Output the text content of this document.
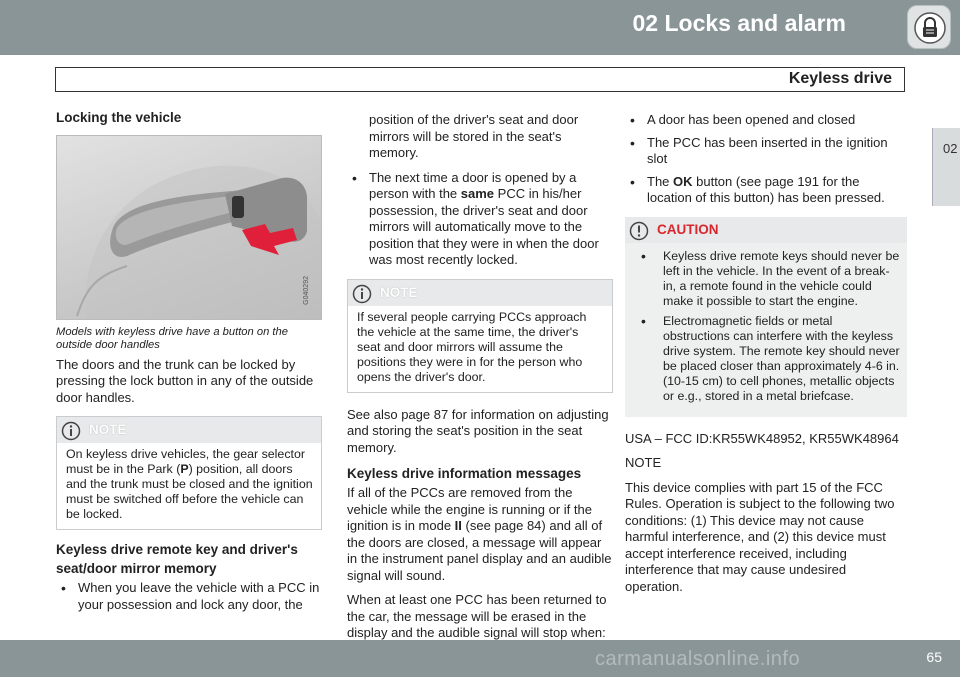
02 Locks and alarm
Keyless drive
02
Locking the vehicle
G040292
Models with keyless drive have a button on the outside door handles

The doors and the trunk can be locked by pressing the lock button in any of the outside door handles.

NOTE
On keyless drive vehicles, the gear selector must be in the Park (P) position, all doors and the trunk must be closed and the ignition must be switched off before the vehicle can be locked.
Keyless drive remote key and driver's seat/door mirror memory
• When you leave the vehicle with a PCC in your possession and lock any door, the

position of the driver's seat and door mirrors will be stored in the seat's memory.

• The next time a door is opened by a person with the same PCC in his/her possession, the driver's seat and door mirrors will automatically move to the position that they were in when the door was most recently locked.
NOTE
If several people carrying PCCs approach the vehicle at the same time, the driver's seat and door mirrors will assume the positions they were in for the person who opens the driver's door.

See also page 87 for information on adjusting and storing the seat's position in the seat memory.

Keyless drive information messages

If all of the PCCs are removed from the vehicle while the engine is running or if the ignition is in mode II (see page 84) and all of the doors are closed, a message will appear in the instrument panel display and an audible signal will sound.

When at least one PCC has been returned to the car, the message will be erased in the display and the audible signal will stop when:

• A door has been opened and closed
• The PCC has been inserted in the ignition slot
• The OK button (see page 191 for the location of this button) has been pressed.
CAUTION
• Keyless drive remote keys should never be left in the vehicle. In the event of a break-in, a remote found in the vehicle could make it possible to start the engine.
• Electromagnetic fields or metal obstructions can interfere with the keyless drive system. The remote key should never be placed closer than approximately 4-6 in. (10-15 cm) to cell phones, metallic objects or e.g., stored in a metal briefcase.

USA – FCC ID:KR55WK48952, KR55WK48964

NOTE

This device complies with part 15 of the FCC Rules. Operation is subject to the following two conditions: (1) This device may not cause harmful interference, and (2) this device must accept interference received, including interference that may cause undesired operation.

carmanualsonline.info	65
